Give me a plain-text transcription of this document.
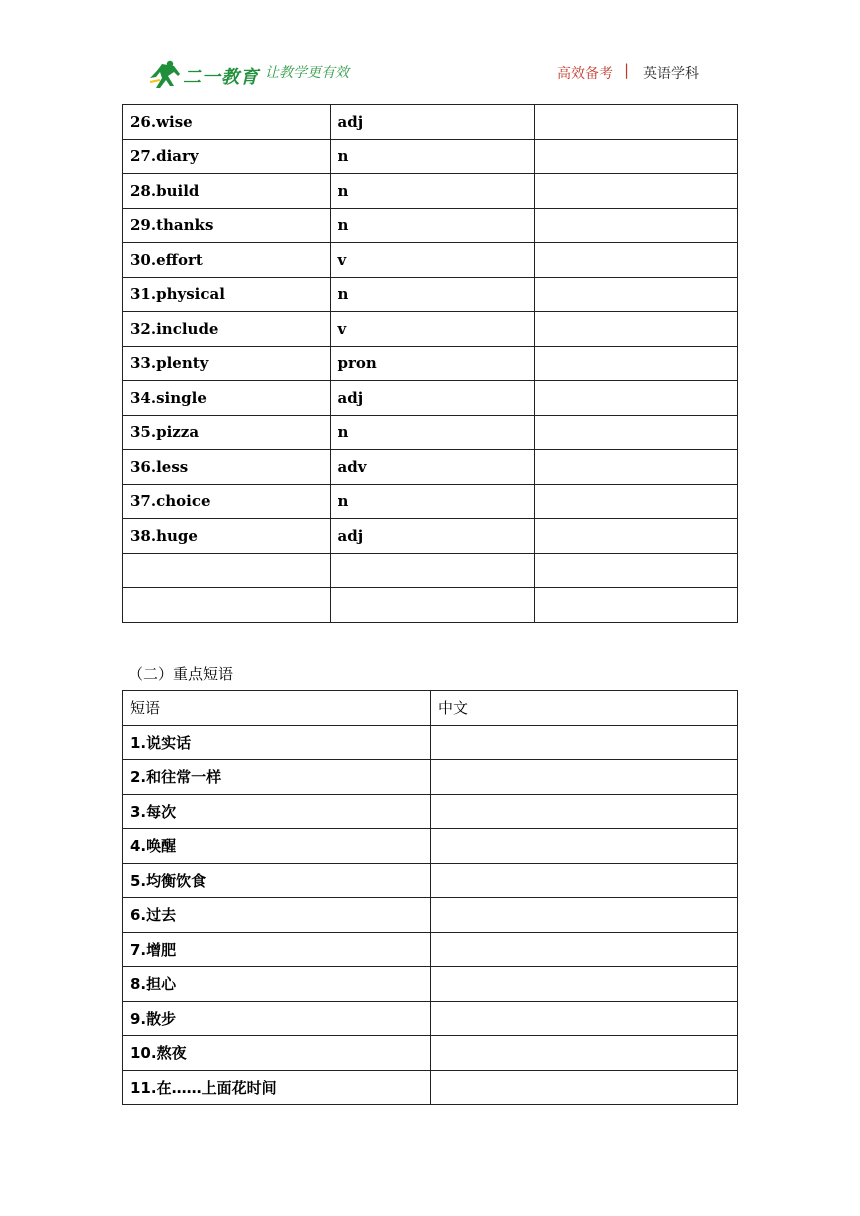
二一教育 让教学更有效	高效备考 | 英语学科
26.wise	adj	
27.diary	n	
28.build	n	
29.thanks	n	
30.effort	v	
31.physical	n	
32.include	v	
33.plenty	pron	
34.single	adj	
35.pizza	n	
36.less	adv	
37.choice	n	
38.huge	adj	

（二）重点短语
短语	中文
1.说实话	
2.和往常一样	
3.每次	
4.唤醒	
5.均衡饮食	
6.过去	
7.增肥	
8.担心	
9.散步	
10.熬夜	
11.在……上面花时间	
